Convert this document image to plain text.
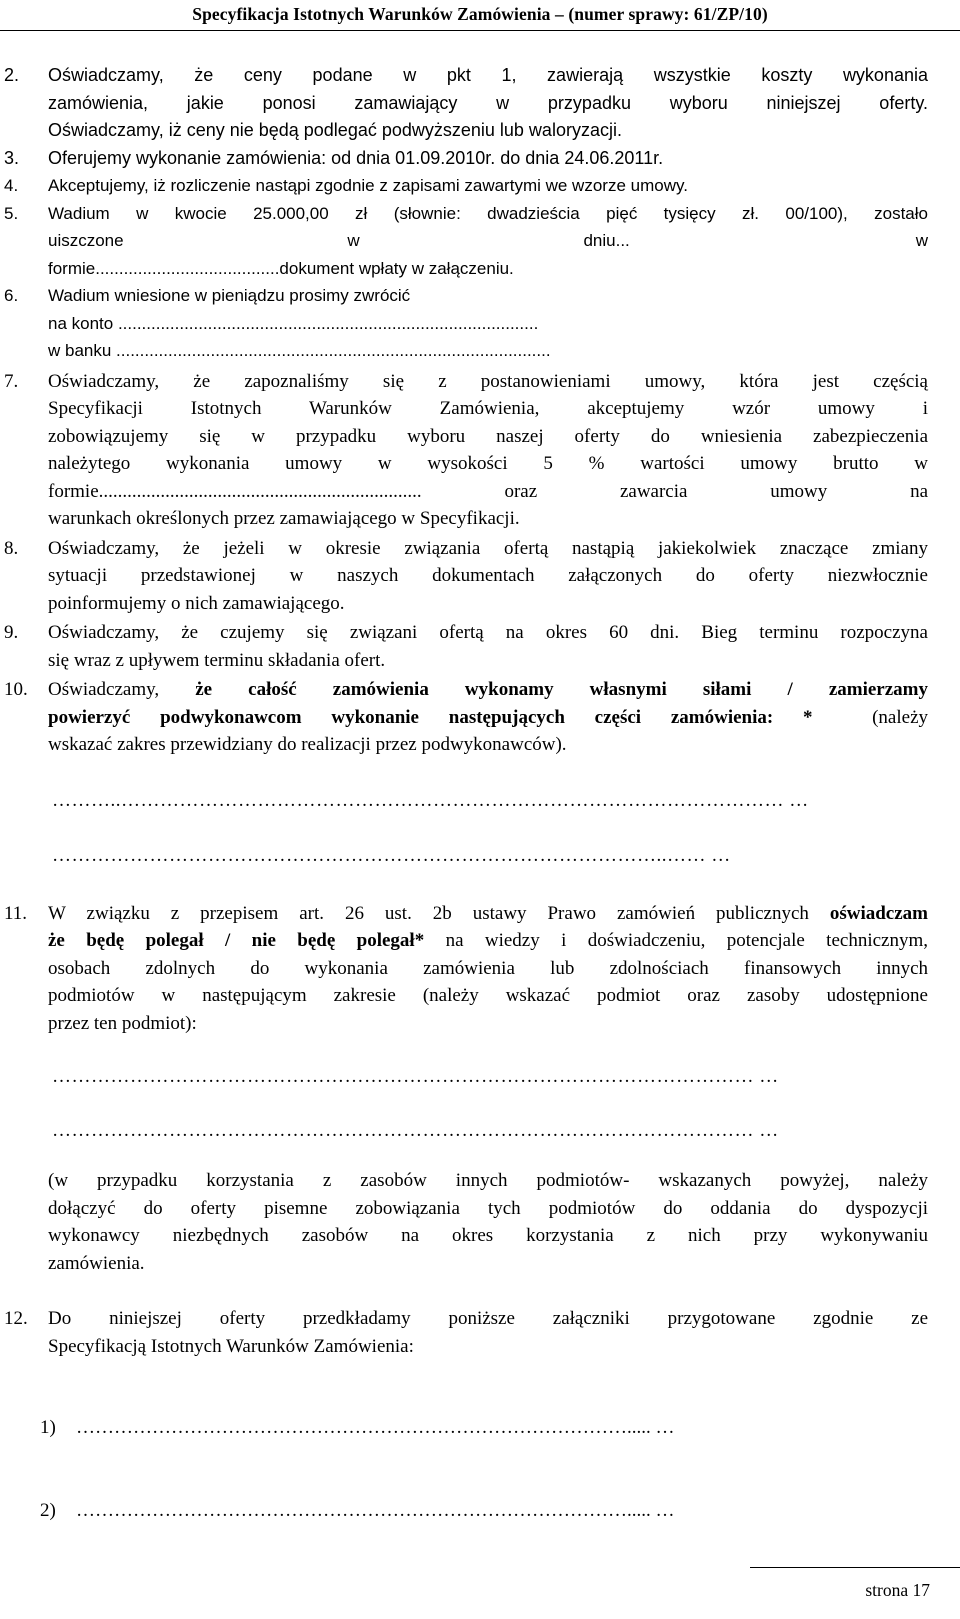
Specyfikacja Istotnych Warunków Zamówienia – (numer sprawy: 61/ZP/10)
2. Oświadczamy, że ceny podane w pkt 1, zawierają wszystkie koszty wykonania
zamówienia, jakie ponosi zamawiający w przypadku wyboru niniejszej oferty.
Oświadczamy, iż ceny nie będą podlegać podwyższeniu lub waloryzacji.
3. Oferujemy wykonanie zamówienia: od dnia 01.09.2010r. do dnia 24.06.2011r.
4. Akceptujemy, iż rozliczenie nastąpi zgodnie z zapisami zawartymi we wzorze umowy.
5. Wadium w kwocie 25.000,00 zł (słownie: dwadzieścia pięć tysięcy zł. 00/100), zostało
uiszczone                  w                  dniu...                       w
formie.......................................dokument wpłaty w załączeniu.
6. Wadium wniesione w pieniądzu prosimy zwrócić
na konto .........................................................................................
w banku ............................................................................................
7. Oświadczamy, że zapoznaliśmy się z postanowieniami umowy, która jest częścią
Specyfikacji Istotnych Warunków Zamówienia, akceptujemy wzór umowy i
zobowiązujemy się w przypadku wyboru naszej oferty do wniesienia zabezpieczenia
należytego wykonania umowy w wysokości 5 % wartości umowy brutto w
formie.................................................................... oraz zawarcia umowy na
warunkach określonych przez zamawiającego w Specyfikacji.
8. Oświadczamy, że jeżeli w okresie związania ofertą nastąpią jakiekolwiek znaczące zmiany
sytuacji przedstawionej w naszych dokumentach załączonych do oferty niezwłocznie
poinformujemy o nich zamawiającego.
9. Oświadczamy, że czujemy się związani ofertą na okres 60 dni. Bieg terminu rozpoczyna
się wraz z upływem terminu składania ofert.
10. Oświadczamy, że całość zamówienia wykonamy własnymi siłami / zamierzamy
powierzyć podwykonawcom wykonanie następujących części zamówienia: *	(należy
wskazać zakres przewidziany do realizacji przez podwykonawców).
………..………………………………………………………………………………………… …
…………………………………………………………………………………..…… …
11. W związku z przepisem art. 26 ust. 2b ustawy Prawo zamówień publicznych oświadczam
że będę polegał / nie będę polegał* na wiedzy i doświadczeniu, potencjale technicznym,
osobach zdolnych do wykonania zamówienia lub zdolnościach finansowych innych
podmiotów w następującym zakresie (należy wskazać podmiot oraz zasoby udostępnione
przez ten podmiot):
……………………………………………………………………………………………… …
……………………………………………………………………………………………… …
(w przypadku korzystania z zasobów innych podmiotów- wskazanych powyżej, należy
dołączyć do oferty pisemne zobowiązania tych podmiotów do oddania do dyspozycji
wykonawcy niezbędnych zasobów na okres korzystania z nich przy wykonywaniu
zamówienia.
12. Do niniejszej oferty przedkładamy poniższe załączniki przygotowane zgodnie ze
Specyfikacją Istotnych Warunków Zamówienia:
1) ……………………………………………………………………………..... …
2) ……………………………………………………………………………..... …
strona 17
